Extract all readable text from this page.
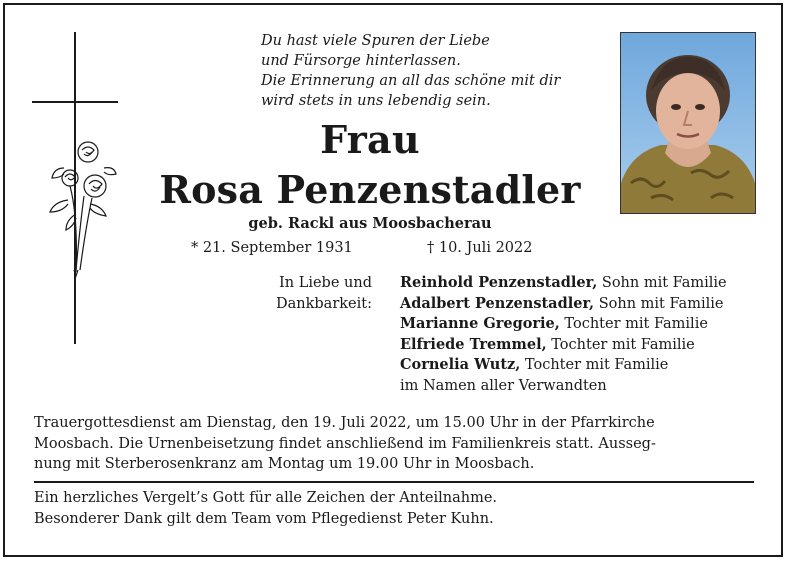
Du hast viele Spuren der Liebe
und Fürsorge hinterlassen.
Die Erinnerung an all das schöne mit dir
wird stets in uns lebendig sein.
Frau
Rosa Penzenstadler
geb. Rackl aus Moosbacherau
* 21. September 1931	† 10. Juli 2022
In Liebe und
Dankbarkeit:
Reinhold Penzenstadler, Sohn mit Familie
Adalbert Penzenstadler, Sohn mit Familie
Marianne Gregorie, Tochter mit Familie
Elfriede Tremmel, Tochter mit Familie
Cornelia Wutz, Tochter mit Familie
im Namen aller Verwandten
Trauergottesdienst am Dienstag, den 19. Juli 2022, um 15.00 Uhr in der Pfarrkirche
Moosbach. Die Urnenbeisetzung findet anschließend im Familienkreis statt. Ausseg-
nung mit Sterberosenkranz am Montag um 19.00 Uhr in Moosbach.
Ein herzliches Vergelt’s Gott für alle Zeichen der Anteilnahme.
Besonderer Dank gilt dem Team vom Pflegedienst Peter Kuhn.
